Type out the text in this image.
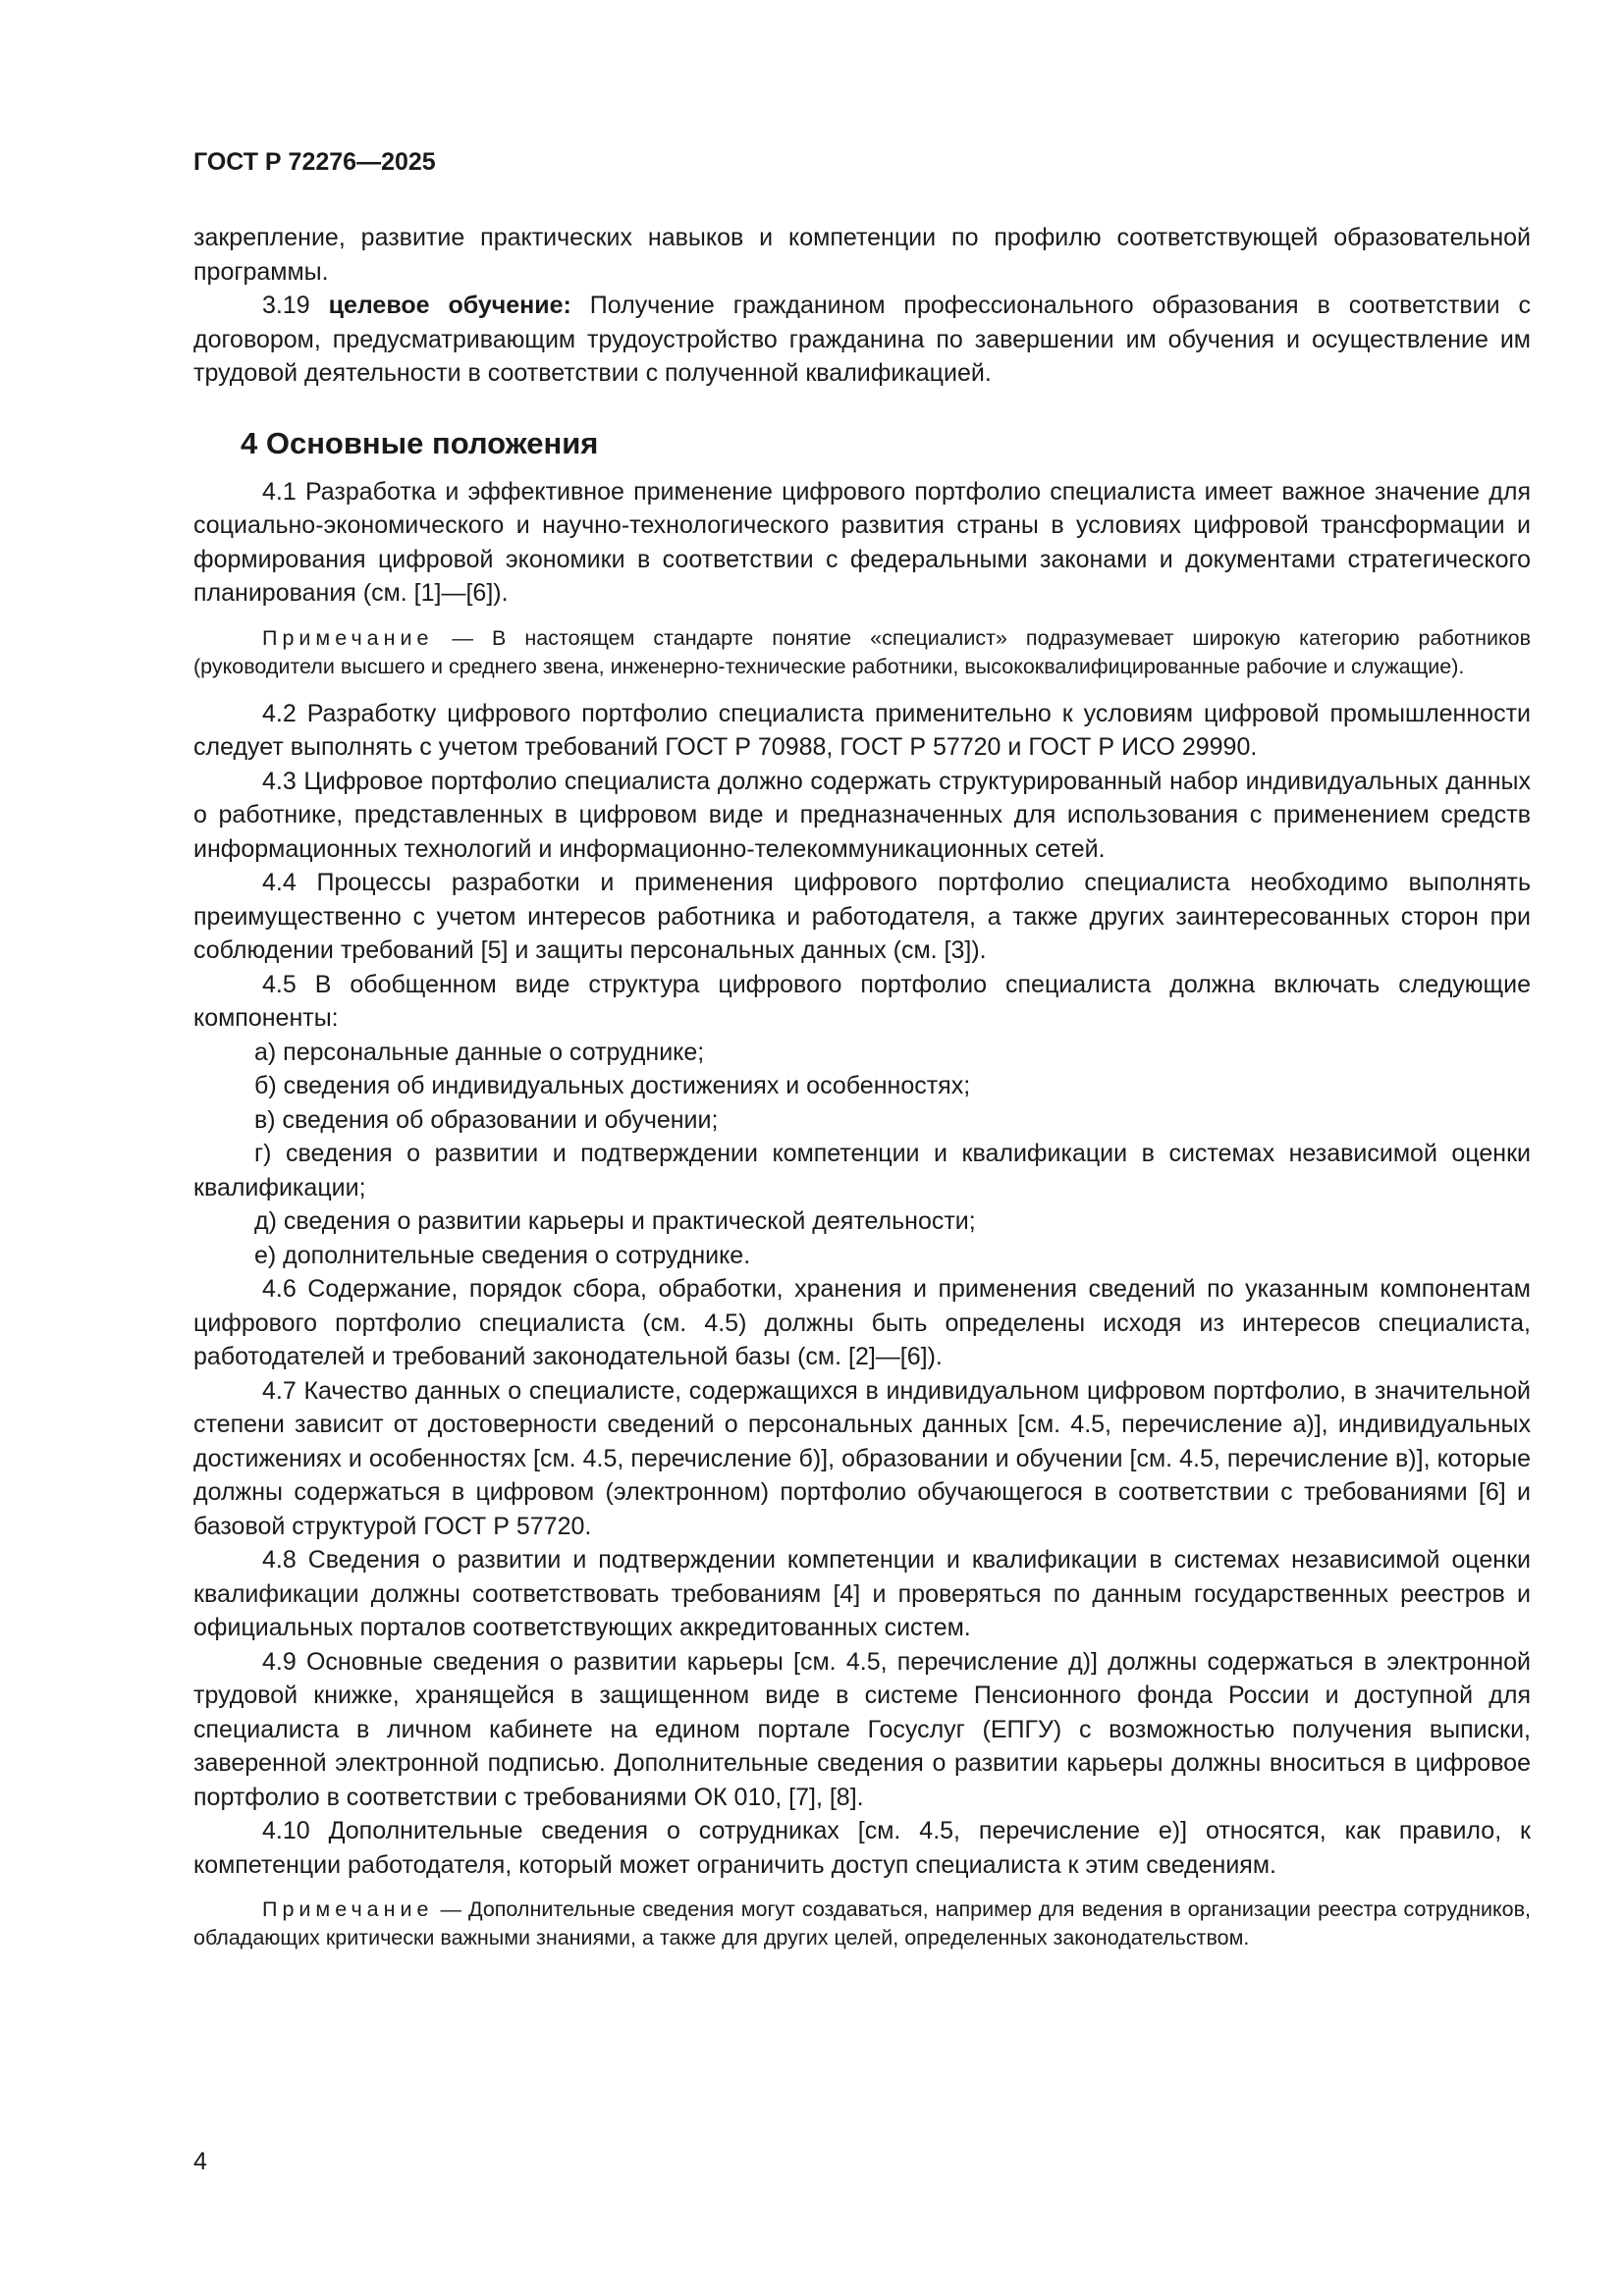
ГОСТ Р 72276—2025

закрепление, развитие практических навыков и компетенции по профилю соответствующей образовательной программы.

3.19 целевое обучение: Получение гражданином профессионального образования в соответствии с договором, предусматривающим трудоустройство гражданина по завершении им обучения и осуществление им трудовой деятельности в соответствии с полученной квалификацией.

4 Основные положения

4.1 Разработка и эффективное применение цифрового портфолио специалиста имеет важное значение для социально-экономического и научно-технологического развития страны в условиях цифровой трансформации и формирования цифровой экономики в соответствии с федеральными законами и документами стратегического планирования (см. [1]—[6]).

Примечание — В настоящем стандарте понятие «специалист» подразумевает широкую категорию работников (руководители высшего и среднего звена, инженерно-технические работники, высококвалифицированные рабочие и служащие).

4.2 Разработку цифрового портфолио специалиста применительно к условиям цифровой промышленности следует выполнять с учетом требований ГОСТ Р 70988, ГОСТ Р 57720 и ГОСТ Р ИСО 29990.

4.3 Цифровое портфолио специалиста должно содержать структурированный набор индивидуальных данных о работнике, представленных в цифровом виде и предназначенных для использования с применением средств информационных технологий и информационно-телекоммуникационных сетей.

4.4 Процессы разработки и применения цифрового портфолио специалиста необходимо выполнять преимущественно с учетом интересов работника и работодателя, а также других заинтересованных сторон при соблюдении требований [5] и защиты персональных данных (см. [3]).

4.5 В обобщенном виде структура цифрового портфолио специалиста должна включать следующие компоненты:

а) персональные данные о сотруднике;

б) сведения об индивидуальных достижениях и особенностях;

в) сведения об образовании и обучении;

г) сведения о развитии и подтверждении компетенции и квалификации в системах независимой оценки квалификации;

д) сведения о развитии карьеры и практической деятельности;

е) дополнительные сведения о сотруднике.

4.6 Содержание, порядок сбора, обработки, хранения и применения сведений по указанным компонентам цифрового портфолио специалиста (см. 4.5) должны быть определены исходя из интересов специалиста, работодателей и требований законодательной базы (см. [2]—[6]).

4.7 Качество данных о специалисте, содержащихся в индивидуальном цифровом портфолио, в значительной степени зависит от достоверности сведений о персональных данных [см. 4.5, перечисление а)], индивидуальных достижениях и особенностях [см. 4.5, перечисление б)], образовании и обучении [см. 4.5, перечисление в)], которые должны содержаться в цифровом (электронном) портфолио обучающегося в соответствии с требованиями [6] и базовой структурой ГОСТ Р 57720.

4.8 Сведения о развитии и подтверждении компетенции и квалификации в системах независимой оценки квалификации должны соответствовать требованиям [4] и проверяться по данным государственных реестров и официальных порталов соответствующих аккредитованных систем.

4.9 Основные сведения о развитии карьеры [см. 4.5, перечисление д)] должны содержаться в электронной трудовой книжке, хранящейся в защищенном виде в системе Пенсионного фонда России и доступной для специалиста в личном кабинете на едином портале Госуслуг (ЕПГУ) с возможностью получения выписки, заверенной электронной подписью. Дополнительные сведения о развитии карьеры должны вноситься в цифровое портфолио в соответствии с требованиями ОК 010, [7], [8].

4.10 Дополнительные сведения о сотрудниках [см. 4.5, перечисление е)] относятся, как правило, к компетенции работодателя, который может ограничить доступ специалиста к этим сведениям.

Примечание — Дополнительные сведения могут создаваться, например для ведения в организации реестра сотрудников, обладающих критически важными знаниями, а также для других целей, определенных законодательством.

4
